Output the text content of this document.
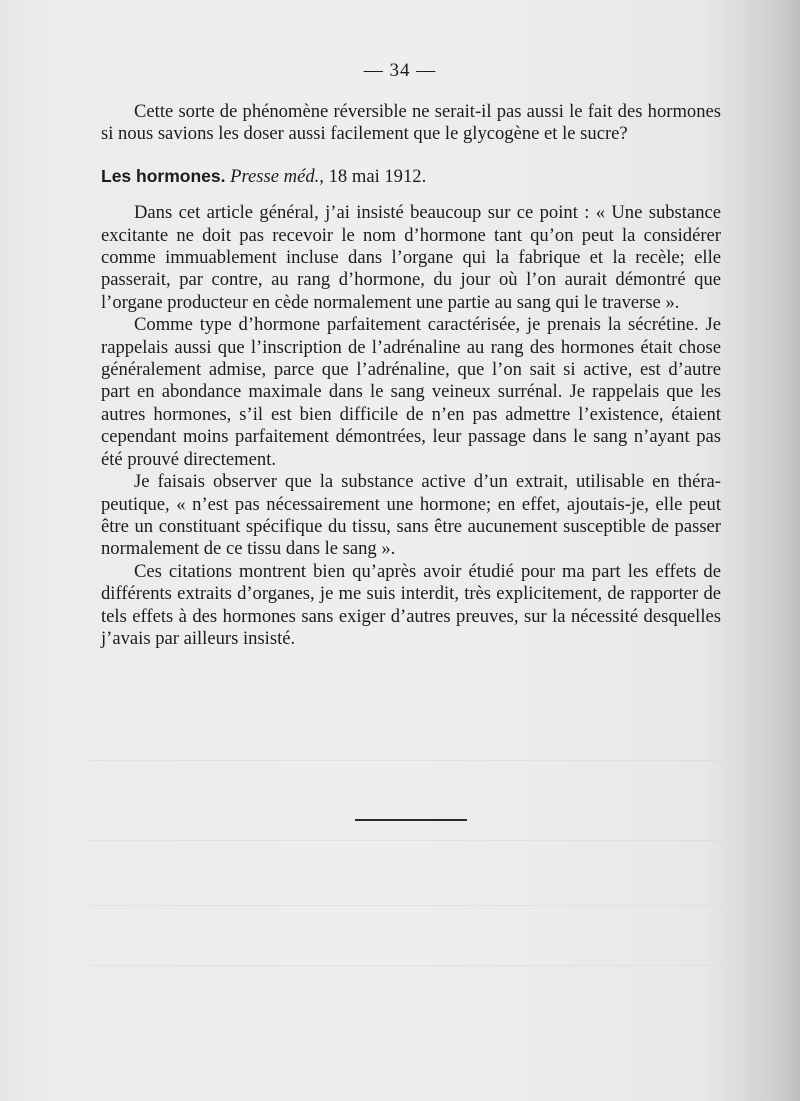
— 34 —

Cette sorte de phénomène réversible ne serait-il pas aussi le fait des hormones si nous savions les doser aussi facilement que le glycogène et le sucre?

Les hormones. Presse méd., 18 mai 1912.

Dans cet article général, j’ai insisté beaucoup sur ce point : « Une substance excitante ne doit pas recevoir le nom d’hormone tant qu’on peut la considérer comme immuablement incluse dans l’organe qui la fabrique et la recèle; elle passerait, par contre, au rang d’hormone, du jour où l’on aurait démontré que l’organe producteur en cède normalement une partie au sang qui le traverse ».

Comme type d’hormone parfaitement caractérisée, je prenais la sécrétine. Je rappelais aussi que l’inscription de l’adrénaline au rang des hormones était chose généralement admise, parce que l’adrénaline, que l’on sait si active, est d’autre part en abondance maximale dans le sang veineux surrénal. Je rappelais que les autres hormones, s’il est bien difficile de n’en pas admettre l’existence, étaient cependant moins parfaitement démontrées, leur passage dans le sang n’ayant pas été prouvé directement.

Je faisais observer que la substance active d’un extrait, utilisable en thérapeutique, « n’est pas nécessairement une hormone; en effet, ajoutais-je, elle peut être un constituant spécifique du tissu, sans être aucunement susceptible de passer normalement de ce tissu dans le sang ».

Ces citations montrent bien qu’après avoir étudié pour ma part les effets de différents extraits d’organes, je me suis interdit, très explicitement, de rapporter de tels effets à des hormones sans exiger d’autres preuves, sur la nécessité desquelles j’avais par ailleurs insisté.
